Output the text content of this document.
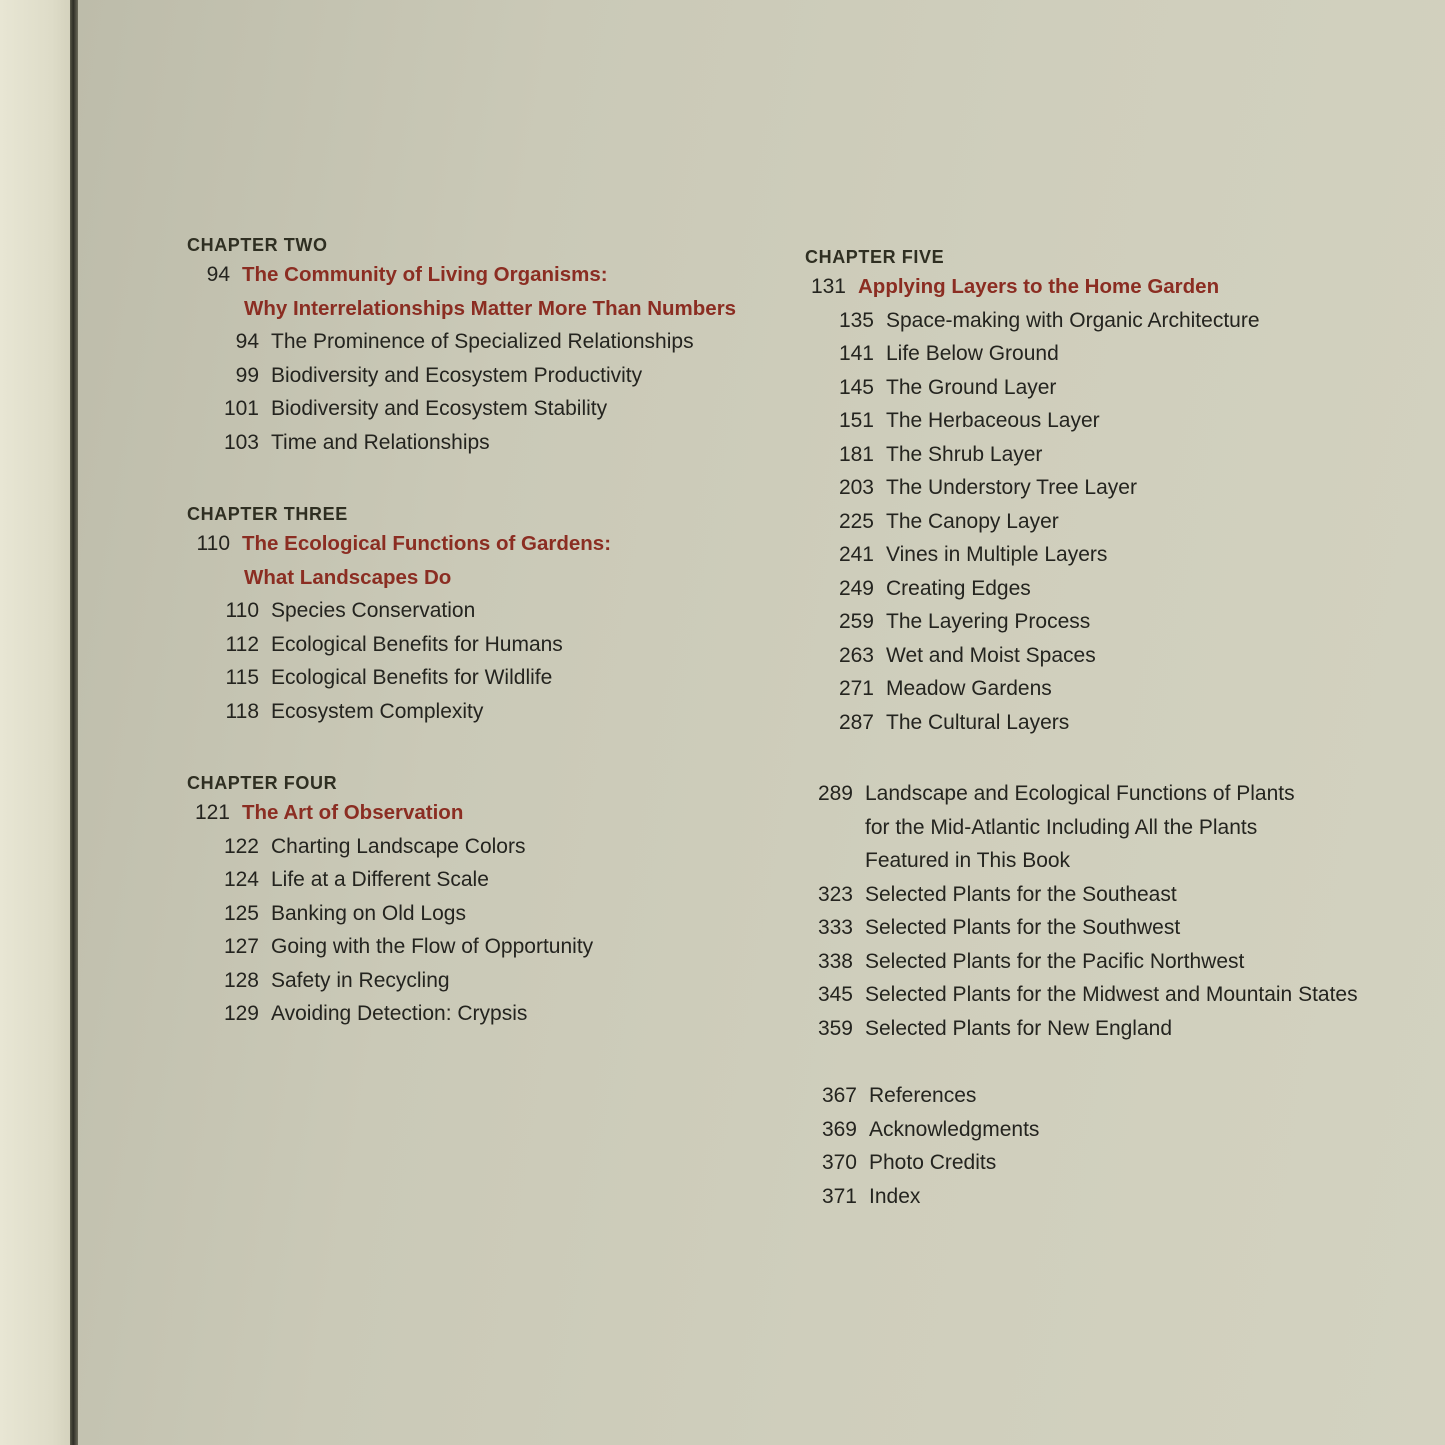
CHAPTER TWO
94 The Community of Living Organisms:
Why Interrelationships Matter More Than Numbers
94 The Prominence of Specialized Relationships
99 Biodiversity and Ecosystem Productivity
101 Biodiversity and Ecosystem Stability
103 Time and Relationships
CHAPTER THREE
110 The Ecological Functions of Gardens:
What Landscapes Do
110 Species Conservation
112 Ecological Benefits for Humans
115 Ecological Benefits for Wildlife
118 Ecosystem Complexity
CHAPTER FOUR
121 The Art of Observation
122 Charting Landscape Colors
124 Life at a Different Scale
125 Banking on Old Logs
127 Going with the Flow of Opportunity
128 Safety in Recycling
129 Avoiding Detection: Crypsis
CHAPTER FIVE
131 Applying Layers to the Home Garden
135 Space-making with Organic Architecture
141 Life Below Ground
145 The Ground Layer
151 The Herbaceous Layer
181 The Shrub Layer
203 The Understory Tree Layer
225 The Canopy Layer
241 Vines in Multiple Layers
249 Creating Edges
259 The Layering Process
263 Wet and Moist Spaces
271 Meadow Gardens
287 The Cultural Layers
289 Landscape and Ecological Functions of Plants
for the Mid-Atlantic Including All the Plants
Featured in This Book
323 Selected Plants for the Southeast
333 Selected Plants for the Southwest
338 Selected Plants for the Pacific Northwest
345 Selected Plants for the Midwest and Mountain States
359 Selected Plants for New England
367 References
369 Acknowledgments
370 Photo Credits
371 Index
